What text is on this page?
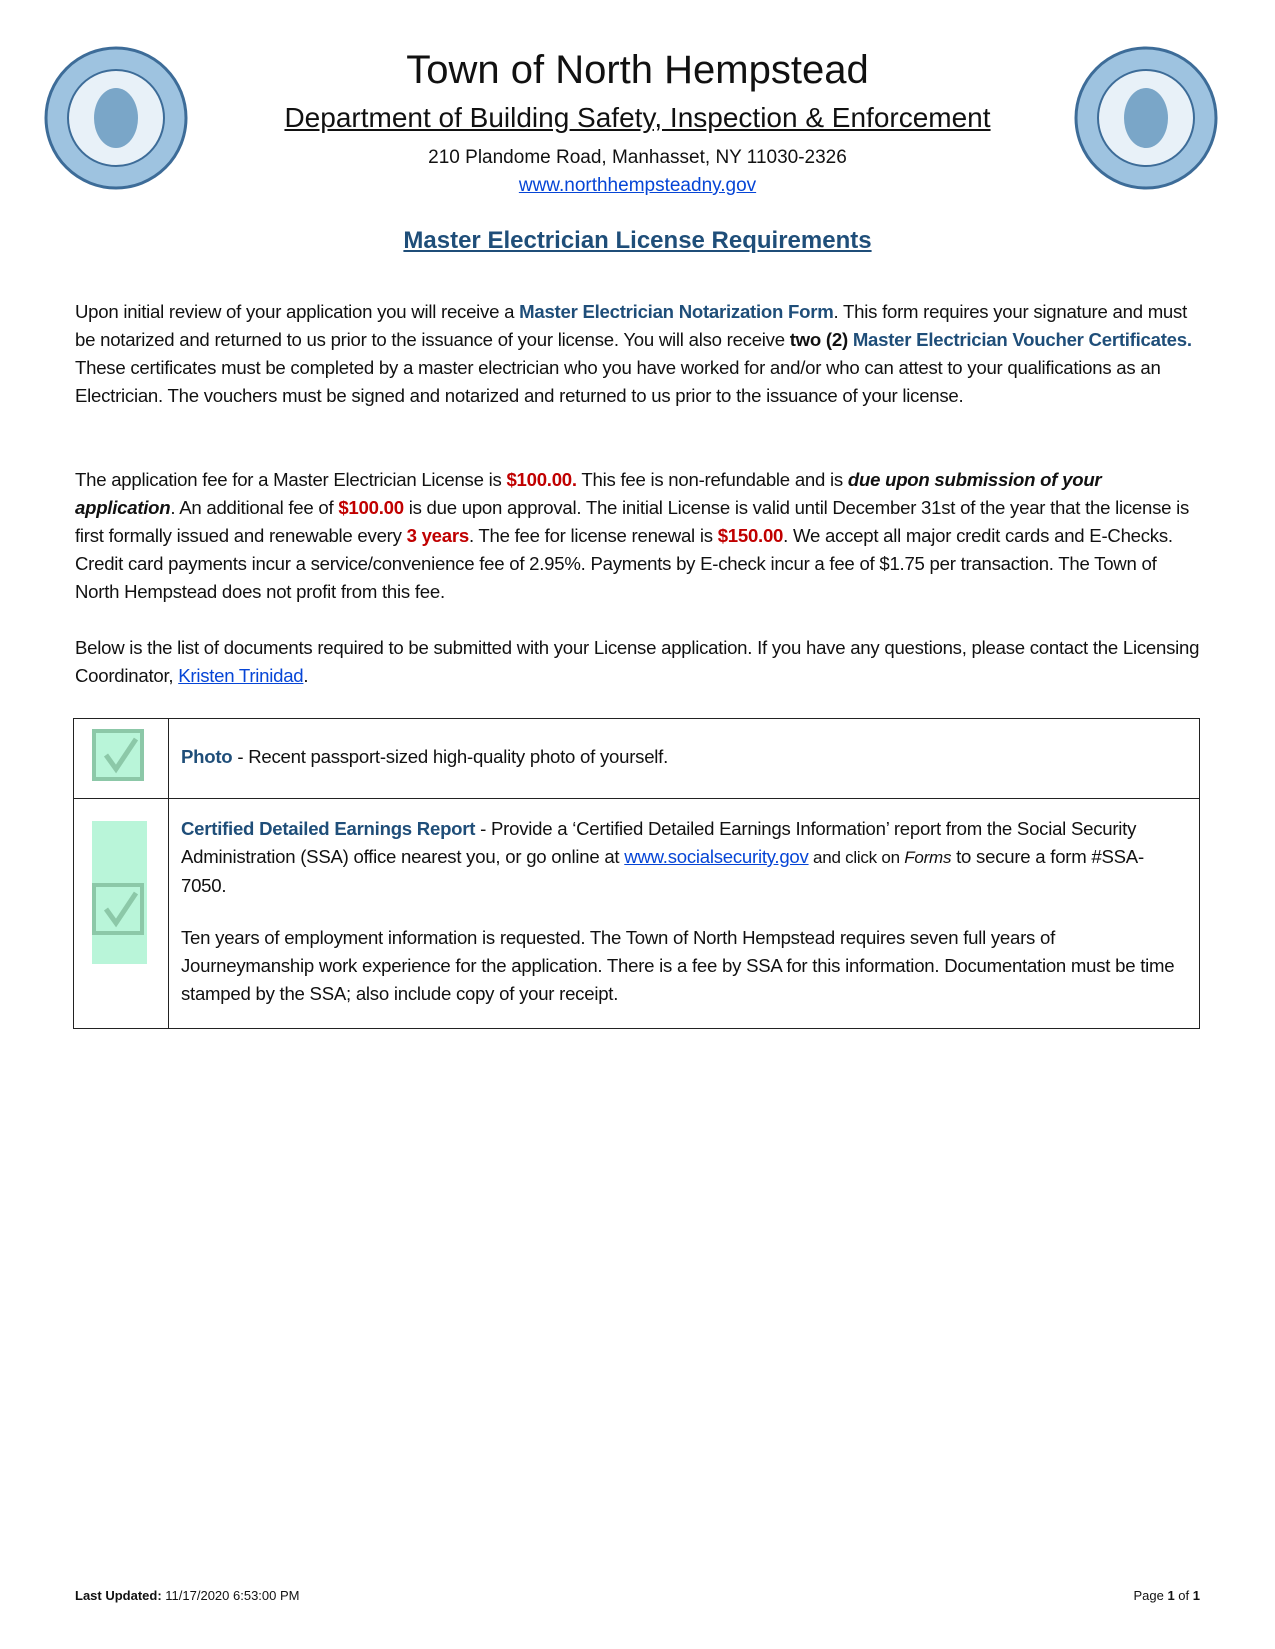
Town of North Hempstead
Department of Building Safety, Inspection & Enforcement
210 Plandome Road, Manhasset, NY 11030-2326
www.northhempsteadny.gov
Master Electrician License Requirements
Upon initial review of your application you will receive a Master Electrician Notarization Form. This form requires your signature and must be notarized and returned to us prior to the issuance of your license. You will also receive two (2) Master Electrician Voucher Certificates. These certificates must be completed by a master electrician who you have worked for and/or who can attest to your qualifications as an Electrician. The vouchers must be signed and notarized and returned to us prior to the issuance of your license.
The application fee for a Master Electrician License is $100.00. This fee is non-refundable and is due upon submission of your application. An additional fee of $100.00 is due upon approval. The initial License is valid until December 31st of the year that the license is first formally issued and renewable every 3 years. The fee for license renewal is $150.00. We accept all major credit cards and E-Checks. Credit card payments incur a service/convenience fee of 2.95%. Payments by E-check incur a fee of $1.75 per transaction. The Town of North Hempstead does not profit from this fee.
Below is the list of documents required to be submitted with your License application. If you have any questions, please contact the Licensing Coordinator, Kristen Trinidad.
	Photo - Recent passport-sized high-quality photo of yourself.

Certified Detailed Earnings Report - Provide a ‘Certified Detailed Earnings Information’ report from the Social Security Administration (SSA) office nearest you, or go online at www.socialsecurity.gov and click on Forms to secure a form #SSA-7050.
Ten years of employment information is requested. The Town of North Hempstead requires seven full years of Journeymanship work experience for the application. There is a fee by SSA for this information. Documentation must be time stamped by the SSA; also include copy of your receipt.
Last Updated: 11/17/2020 6:53:00 PM	Page 1 of 1
